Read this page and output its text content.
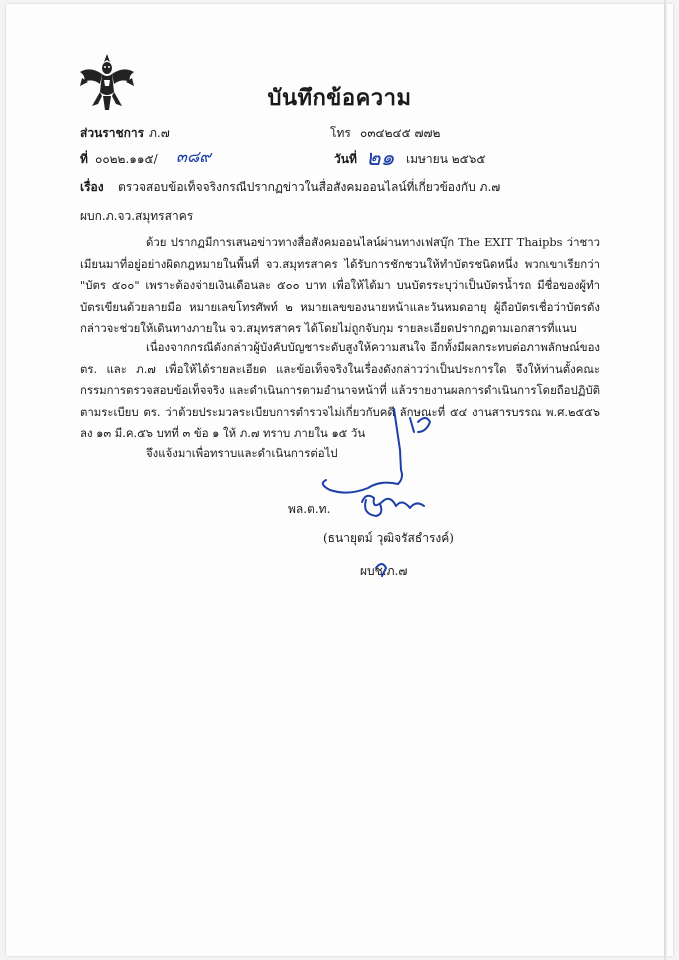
บันทึกข้อความ
ส่วนราชการ ภ.๗	โทร ๐๓๔๒๔๕ ๗๗๒
ที่ ๐๐๒๒.๑๑๕/ ๓๘๙	วันที่ ๒๑ เมษายน ๒๕๖๕
เรื่อง ตรวจสอบข้อเท็จจริงกรณีปรากฏข่าวในสื่อสังคมออนไลน์ที่เกี่ยวข้องกับ ภ.๗
ผบก.ภ.จว.สมุทรสาคร
ด้วย ปรากฏมีการเสนอข่าวทางสื่อสังคมออนไลน์ผ่านทางเฟสบุ๊ก The EXIT Thaipbs ว่าชาวเมียนมาที่อยู่อย่างผิดกฎหมายในพื้นที่ จว.สมุทรสาคร ได้รับการชักชวนให้ทำบัตรชนิดหนึ่ง พวกเขาเรียกว่า "บัตร ๕๐๐" เพราะต้องจ่ายเงินเดือนละ ๕๐๐ บาท เพื่อให้ได้มา บนบัตรระบุว่าเป็นบัตรน้ำรถ มีชื่อของผู้ทำบัตรเขียนด้วยลายมือ หมายเลขโทรศัพท์ ๒ หมายเลขของนายหน้าและวันหมดอายุ ผู้ถือบัตรเชื่อว่าบัตรดังกล่าวจะช่วยให้เดินทางภายใน จว.สมุทรสาคร ได้โดยไม่ถูกจับกุม รายละเอียดปรากฏตามเอกสารที่แนบ
เนื่องจากกรณีดังกล่าวผู้บังคับบัญชาระดับสูงให้ความสนใจ อีกทั้งมีผลกระทบต่อภาพลักษณ์ของ ตร. และ ภ.๗ เพื่อให้ได้รายละเอียด และข้อเท็จจริงในเรื่องดังกล่าวว่าเป็นประการใด จึงให้ท่านตั้งคณะกรรมการตรวจสอบข้อเท็จจริง และดำเนินการตามอำนาจหน้าที่ แล้วรายงานผลการดำเนินการโดยถือปฏิบัติตามระเบียบ ตร. ว่าด้วยประมวลระเบียบการตำรวจไม่เกี่ยวกับคดี ลักษณะที่ ๕๔ งานสารบรรณ พ.ศ.๒๕๕๖ ลง ๑๓ มี.ค.๕๖ บทที่ ๓ ข้อ ๑ ให้ ภ.๗ ทราบ ภายใน ๑๕ วัน
จึงแจ้งมาเพื่อทราบและดำเนินการต่อไป
พล.ต.ท.
(ธนายุตม์ วุฒิจรัสธำรงค์)
ผบช.ภ.๗
